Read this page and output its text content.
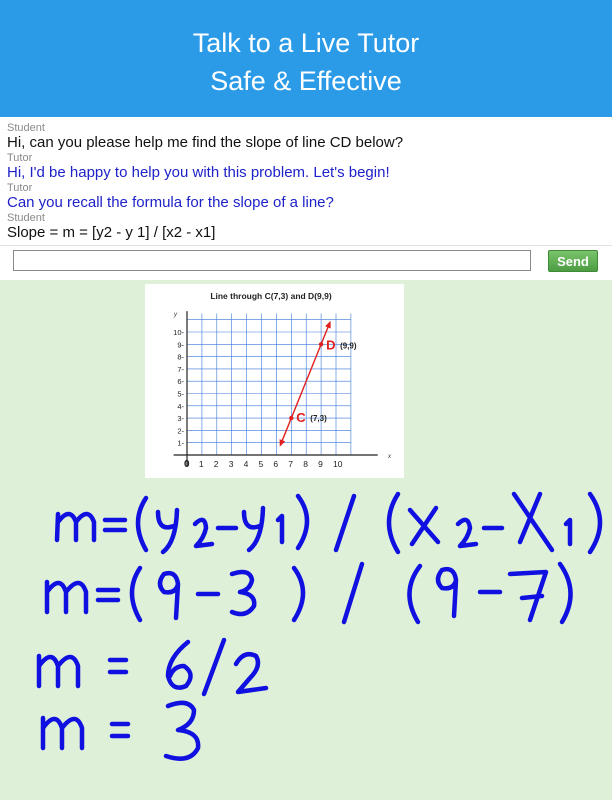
Talk to a Live Tutor
Safe & Effective
Student
Hi, can you please help me find the slope of line CD below?
Tutor
Hi, I'd be happy to help you with this problem. Let's begin!
Tutor
Can you recall the formula for the slope of a line?
Student
Slope = m = [y2 - y 1] / [x2 - x1]
Send
Line through C(7,3) and D(9,9)
0 1 2 3 4 5 6 7 8 9 10
1-
2-
3-
4-
5-
6-
7-
8-
9-
10-
x
y
C (7,3)
D (9,9)
